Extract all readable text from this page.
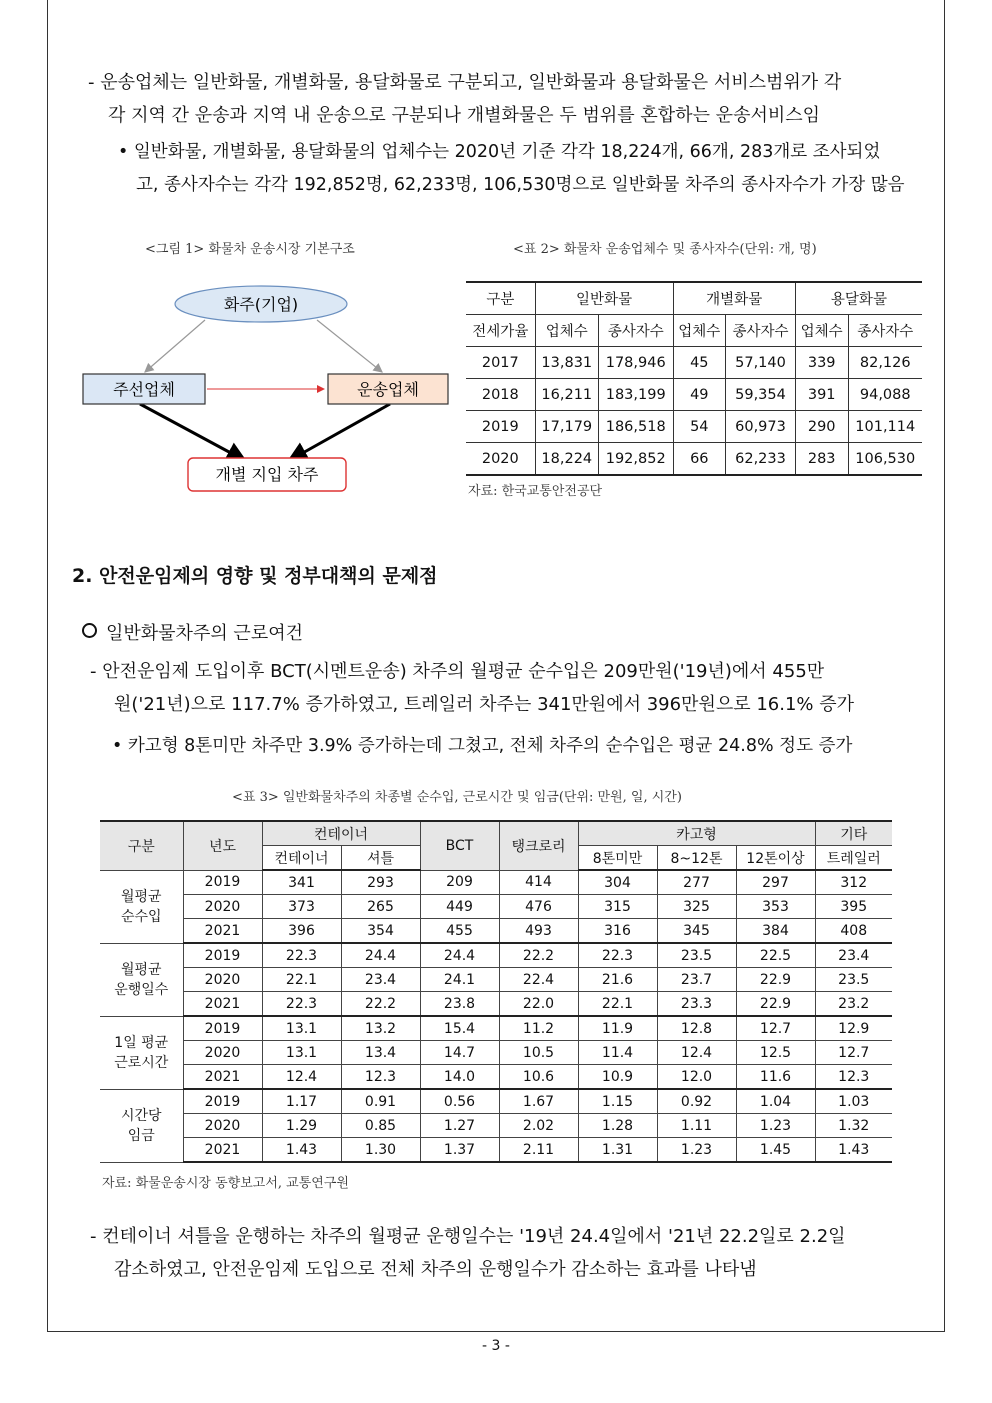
- 운송업체는 일반화물, 개별화물, 용달화물로 구분되고, 일반화물과 용달화물은 서비스범위가 각
각 지역 간 운송과 지역 내 운송으로 구분되나 개별화물은 두 범위를 혼합하는 운송서비스임
• 일반화물, 개별화물, 용달화물의 업체수는 2020년 기준 각각 18,224개, 66개, 283개로 조사되었
고, 종사자수는 각각 192,852명, 62,233명, 106,530명으로 일반화물 차주의 종사자수가 가장 많음
<그림 1> 화물차 운송시장 기본구조
화주(기업)
주선업체	운송업체
개별 지입 차주
<표 2> 화물차 운송업체수 및 종사자수(단위: 개, 명)
구분	일반화물		개별화물		용달화물	
전세가율	업체수	종사자수	업체수	종사자수	업체수	종사자수
2017	13,831	178,946	45	57,140	339	82,126
2018	16,211	183,199	49	59,354	391	94,088
2019	17,179	186,518	54	60,973	290	101,114
2020	18,224	192,852	66	62,233	283	106,530
자료: 한국교통안전공단
2. 안전운임제의 영향 및 정부대책의 문제점
일반화물차주의 근로여건
- 안전운임제 도입이후 BCT(시멘트운송) 차주의 월평균 순수입은 209만원('19년)에서 455만
원('21년)으로 117.7% 증가하였고, 트레일러 차주는 341만원에서 396만원으로 16.1% 증가
• 카고형 8톤미만 차주만 3.9% 증가하는데 그쳤고, 전체 차주의 순수입은 평균 24.8% 정도 증가
<표 3> 일반화물차주의 차종별 순수입, 근로시간 및 임금(단위: 만원, 일, 시간)
구분	년도	컨테이너		BCT	탱크로리	카고형			기타
		컨테이너	셔틀			8톤미만	8~12톤	12톤이상	트레일러

월평균
순수입	2019	341	293	209	414	304	277	297	312
	2020	373	265	449	476	315	325	353	395
	2021	396	354	455	493	316	345	384	408

월평균
운행일수	2019	22.3	24.4	24.4	22.2	22.3	23.5	22.5	23.4
	2020	22.1	23.4	24.1	22.4	21.6	23.7	22.9	23.5
	2021	22.3	22.2	23.8	22.0	22.1	23.3	22.9	23.2

1일 평균
근로시간	2019	13.1	13.2	15.4	11.2	11.9	12.8	12.7	12.9
	2020	13.1	13.4	14.7	10.5	11.4	12.4	12.5	12.7
	2021	12.4	12.3	14.0	10.6	10.9	12.0	11.6	12.3

시간당
임금	2019	1.17	0.91	0.56	1.67	1.15	0.92	1.04	1.03
	2020	1.29	0.85	1.27	2.02	1.28	1.11	1.23	1.32
	2021	1.43	1.30	1.37	2.11	1.31	1.23	1.45	1.43
자료: 화물운송시장 동향보고서, 교통연구원
- 컨테이너 셔틀을 운행하는 차주의 월평균 운행일수는 '19년 24.4일에서 '21년 22.2일로 2.2일
감소하였고, 안전운임제 도입으로 전체 차주의 운행일수가 감소하는 효과를 나타냄
- 3 -
